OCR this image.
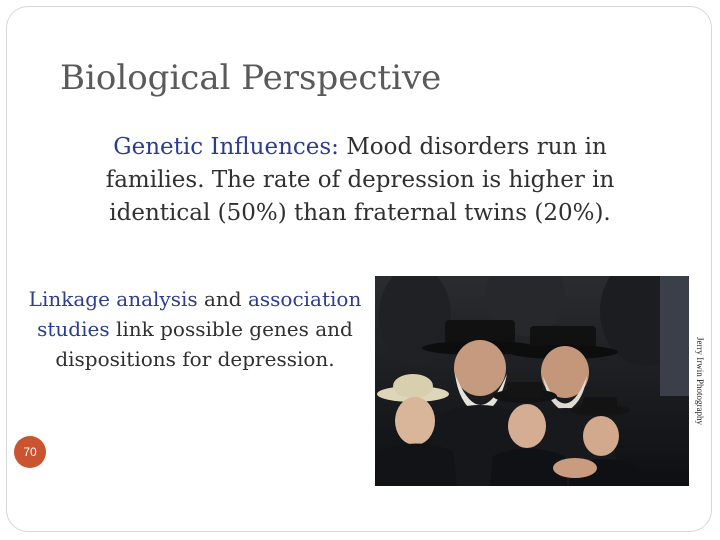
Biological Perspective
Genetic Influences: Mood disorders run in families. The rate of depression is higher in identical (50%) than fraternal twins (20%).
Linkage analysis and association studies link possible genes and dispositions for depression.	Jerry Irwin Photography
70
